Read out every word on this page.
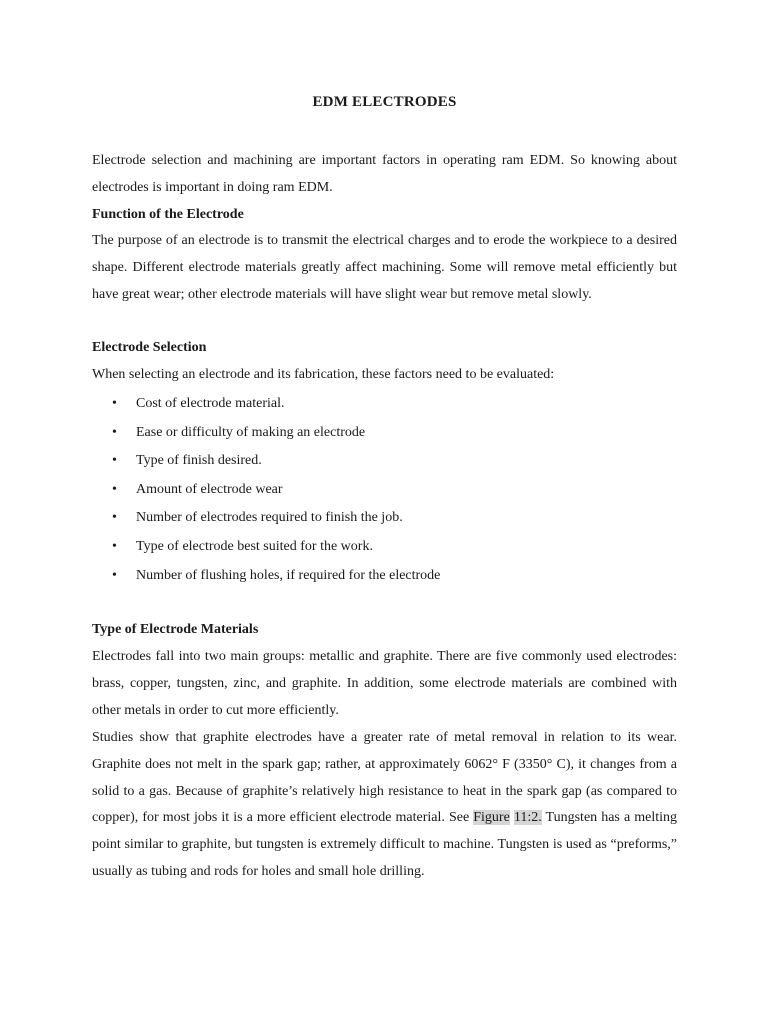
EDM ELECTRODES

Electrode selection and machining are important factors in operating ram EDM. So knowing about electrodes is important in doing ram EDM.

Function of the Electrode

The purpose of an electrode is to transmit the electrical charges and to erode the workpiece to a desired shape. Different electrode materials greatly affect machining. Some will remove metal efficiently but have great wear; other electrode materials will have slight wear but remove metal slowly.

Electrode Selection

When selecting an electrode and its fabrication, these factors need to be evaluated:

• Cost of electrode material.
• Ease or difficulty of making an electrode
• Type of finish desired.
• Amount of electrode wear
• Number of electrodes required to finish the job.
• Type of electrode best suited for the work.
• Number of flushing holes, if required for the electrode
Type of Electrode Materials

Electrodes fall into two main groups: metallic and graphite. There are five commonly used electrodes: brass, copper, tungsten, zinc, and graphite. In addition, some electrode materials are combined with other metals in order to cut more efficiently.

Studies show that graphite electrodes have a greater rate of metal removal in relation to its wear. Graphite does not melt in the spark gap; rather, at approximately 6062° F (3350° C), it changes from a solid to a gas. Because of graphite’s relatively high resistance to heat in the spark gap (as compared to copper), for most jobs it is a more efficient electrode material. See Figure 11:2. Tungsten has a melting point similar to graphite, but tungsten is extremely difficult to machine. Tungsten is used as “preforms,” usually as tubing and rods for holes and small hole drilling.
